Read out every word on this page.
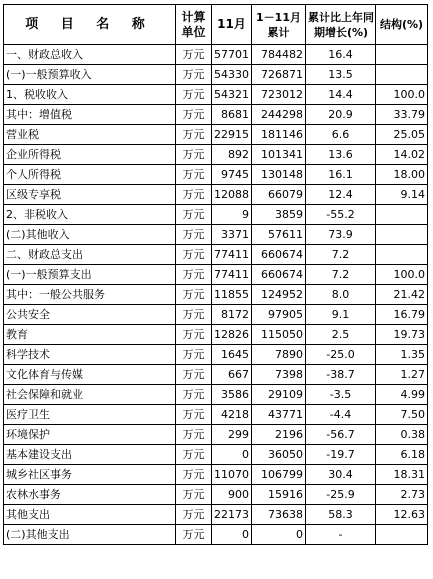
项 目 名 称	计算单位	11月	1－11月累计	累计比上年同期增长(%)	结构(%)
一、财政总收入	万元	57701	784482	16.4	
(一)一般预算收入	万元	54330	726871	13.5	
1、税收收入	万元	54321	723012	14.4	100.0
其中：增值税	万元	8681	244298	20.9	33.79
营业税	万元	22915	181146	6.6	25.05
企业所得税	万元	892	101341	13.6	14.02
个人所得税	万元	9745	130148	16.1	18.00
区级专享税	万元	12088	66079	12.4	9.14
2、非税收入	万元	9	3859	-55.2	
(二)其他收入	万元	3371	57611	73.9	
二、财政总支出	万元	77411	660674	7.2	
(一)一般预算支出	万元	77411	660674	7.2	100.0
其中：一般公共服务	万元	11855	124952	8.0	21.42
公共安全	万元	8172	97905	9.1	16.79
教育	万元	12826	115050	2.5	19.73
科学技术	万元	1645	7890	-25.0	1.35
文化体育与传媒	万元	667	7398	-38.7	1.27
社会保障和就业	万元	3586	29109	-3.5	4.99
医疗卫生	万元	4218	43771	-4.4	7.50
环境保护	万元	299	2196	-56.7	0.38
基本建设支出	万元	0	36050	-19.7	6.18
城乡社区事务	万元	11070	106799	30.4	18.31
农林水事务	万元	900	15916	-25.9	2.73
其他支出	万元	22173	73638	58.3	12.63
(二)其他支出	万元	0	0	-	
